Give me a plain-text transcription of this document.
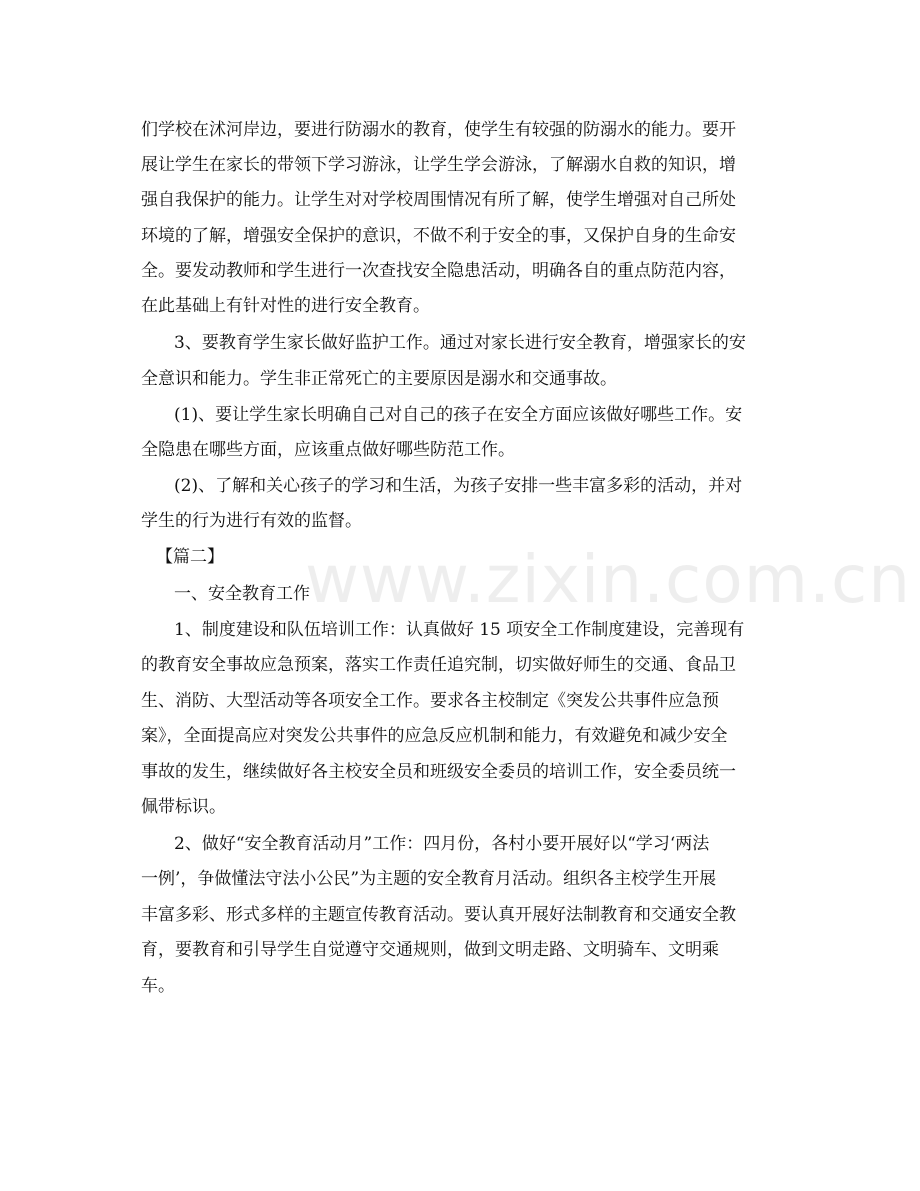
www.zixin.com.cn
们学校在沭河岸边，要进行防溺水的教育，使学生有较强的防溺水的能力。要开
展让学生在家长的带领下学习游泳，让学生学会游泳，了解溺水自救的知识，增
强自我保护的能力。让学生对对学校周围情况有所了解，使学生增强对自己所处
环境的了解，增强安全保护的意识，不做不利于安全的事，又保护自身的生命安
全。要发动教师和学生进行一次查找安全隐患活动，明确各自的重点防范内容，
在此基础上有针对性的进行安全教育。
3、要教育学生家长做好监护工作。通过对家长进行安全教育，增强家长的安
全意识和能力。学生非正常死亡的主要原因是溺水和交通事故。
(1)、要让学生家长明确自己对自己的孩子在安全方面应该做好哪些工作。安
全隐患在哪些方面，应该重点做好哪些防范工作。
(2)、了解和关心孩子的学习和生活，为孩子安排一些丰富多彩的活动，并对
学生的行为进行有效的监督。
【篇二】
一、安全教育工作
1、制度建设和队伍培训工作：认真做好 15 项安全工作制度建设，完善现有
的教育安全事故应急预案，落实工作责任追究制，切实做好师生的交通、食品卫
生、消防、大型活动等各项安全工作。要求各主校制定《突发公共事件应急预
案》，全面提高应对突发公共事件的应急反应机制和能力，有效避免和减少安全
事故的发生，继续做好各主校安全员和班级安全委员的培训工作，安全委员统一
佩带标识。
2、做好“安全教育活动月”工作：四月份，各村小要开展好以“学习‘两法
一例’，争做懂法守法小公民”为主题的安全教育月活动。组织各主校学生开展
丰富多彩、形式多样的主题宣传教育活动。要认真开展好法制教育和交通安全教
育，要教育和引导学生自觉遵守交通规则，做到文明走路、文明骑车、文明乘
车。
